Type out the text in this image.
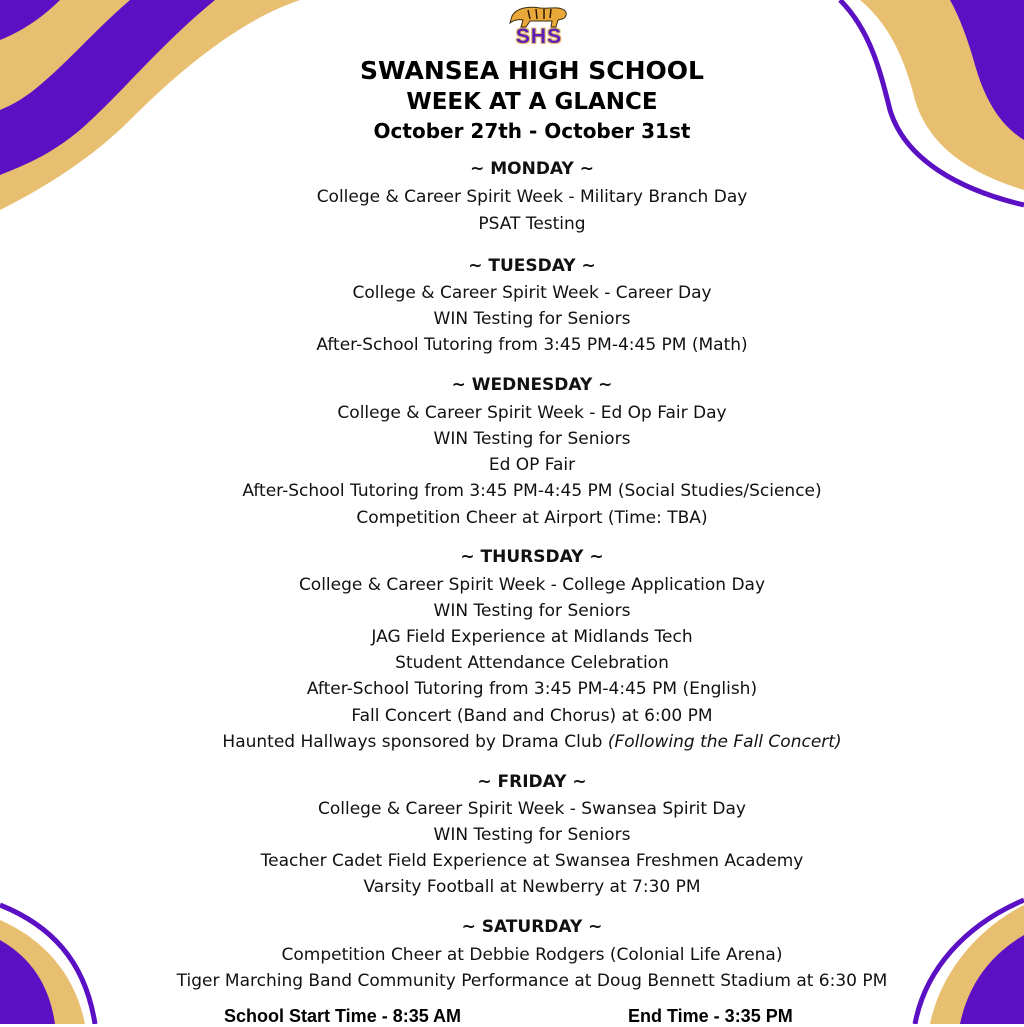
SHS
SWANSEA HIGH SCHOOL
WEEK AT A GLANCE
October 27th - October 31st
~ MONDAY ~
College & Career Spirit Week - Military Branch Day
PSAT Testing
~ TUESDAY ~
College & Career Spirit Week - Career Day
WIN Testing for Seniors
After-School Tutoring from 3:45 PM-4:45 PM (Math)
~ WEDNESDAY ~
College & Career Spirit Week - Ed Op Fair Day
WIN Testing for Seniors
Ed OP Fair
After-School Tutoring from 3:45 PM-4:45 PM (Social Studies/Science)
Competition Cheer at Airport (Time: TBA)
~ THURSDAY ~
College & Career Spirit Week - College Application Day
WIN Testing for Seniors
JAG Field Experience at Midlands Tech
Student Attendance Celebration
After-School Tutoring from 3:45 PM-4:45 PM (English)
Fall Concert (Band and Chorus) at 6:00 PM
Haunted Hallways sponsored by Drama Club (Following the Fall Concert)
~ FRIDAY ~
College & Career Spirit Week - Swansea Spirit Day
WIN Testing for Seniors
Teacher Cadet Field Experience at Swansea Freshmen Academy
Varsity Football at Newberry at 7:30 PM
~ SATURDAY ~
Competition Cheer at Debbie Rodgers (Colonial Life Arena)
Tiger Marching Band Community Performance at Doug Bennett Stadium at 6:30 PM
School Start Time - 8:35 AM	End Time - 3:35 PM
